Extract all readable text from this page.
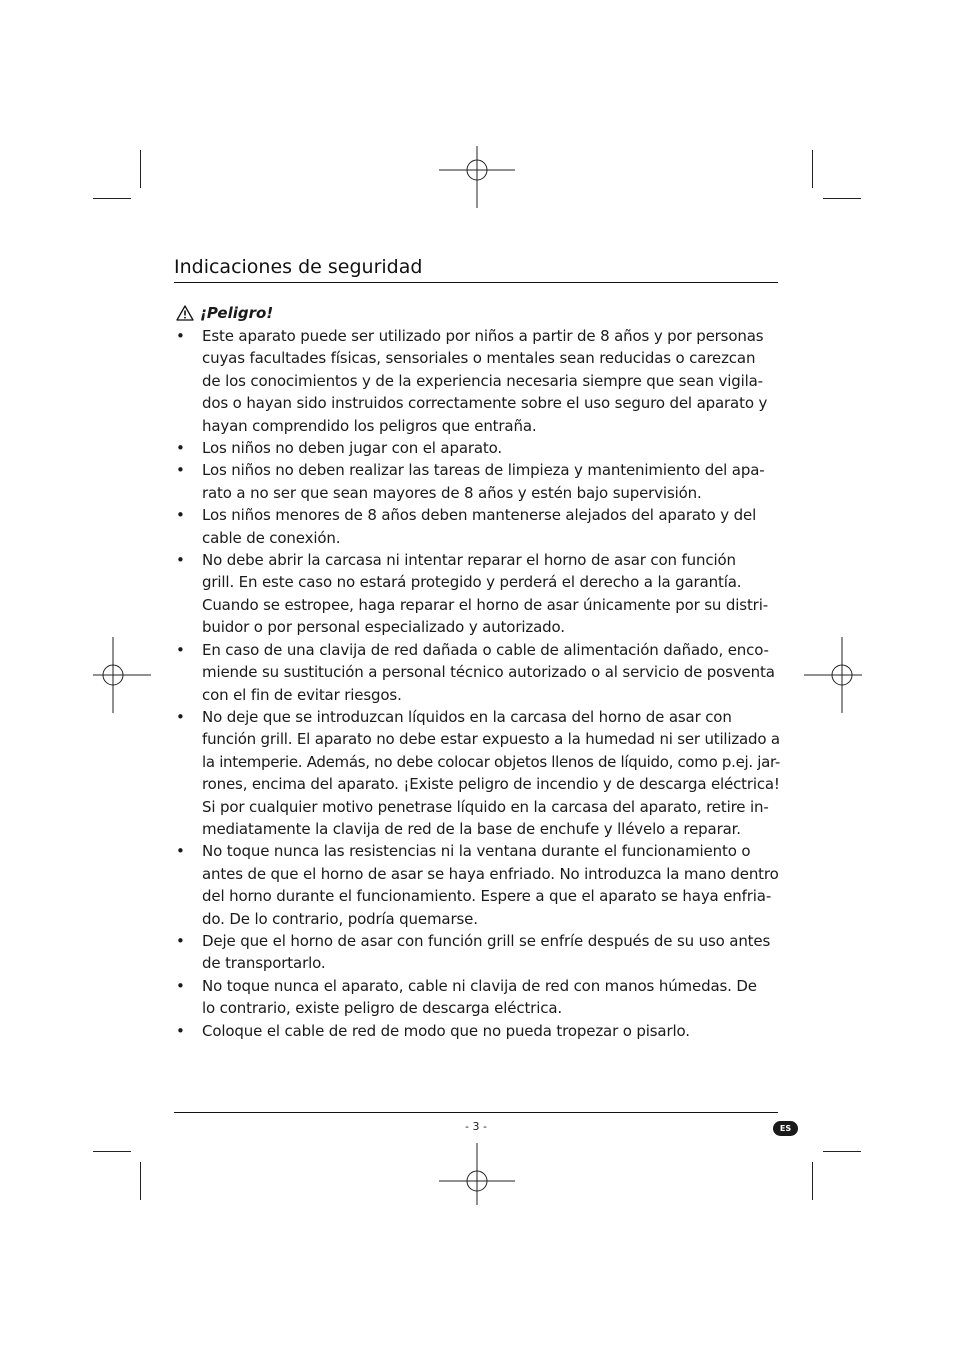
Indicaciones de seguridad
¡Peligro!
• Este aparato puede ser utilizado por niños a partir de 8 años y por personas
cuyas facultades físicas, sensoriales o mentales sean reducidas o carezcan
de los conocimientos y de la experiencia necesaria siempre que sean vigila-
dos o hayan sido instruidos correctamente sobre el uso seguro del aparato y
hayan comprendido los peligros que entraña.
• Los niños no deben jugar con el aparato.
• Los niños no deben realizar las tareas de limpieza y mantenimiento del apa-
rato a no ser que sean mayores de 8 años y estén bajo supervisión.
• Los niños menores de 8 años deben mantenerse alejados del aparato y del
cable de conexión.
• No debe abrir la carcasa ni intentar reparar el horno de asar con función
grill. En este caso no estará protegido y perderá el derecho a la garantía.
Cuando se estropee, haga reparar el horno de asar únicamente por su distri-
buidor o por personal especializado y autorizado.
• En caso de una clavija de red dañada o cable de alimentación dañado, enco-
miende su sustitución a personal técnico autorizado o al servicio de posventa
con el fin de evitar riesgos.
• No deje que se introduzcan líquidos en la carcasa del horno de asar con
función grill. El aparato no debe estar expuesto a la humedad ni ser utilizado a
la intemperie. Además, no debe colocar objetos llenos de líquido, como p.ej. jar-
rones, encima del aparato. ¡Existe peligro de incendio y de descarga eléctrica!
Si por cualquier motivo penetrase líquido en la carcasa del aparato, retire in-
mediatamente la clavija de red de la base de enchufe y llévelo a reparar.
• No toque nunca las resistencias ni la ventana durante el funcionamiento o
antes de que el horno de asar se haya enfriado. No introduzca la mano dentro
del horno durante el funcionamiento. Espere a que el aparato se haya enfria-
do. De lo contrario, podría quemarse.
• Deje que el horno de asar con función grill se enfríe después de su uso antes
de transportarlo.
• No toque nunca el aparato, cable ni clavija de red con manos húmedas. De
lo contrario, existe peligro de descarga eléctrica.
• Coloque el cable de red de modo que no pueda tropezar o pisarlo.
- 3 -	ES
